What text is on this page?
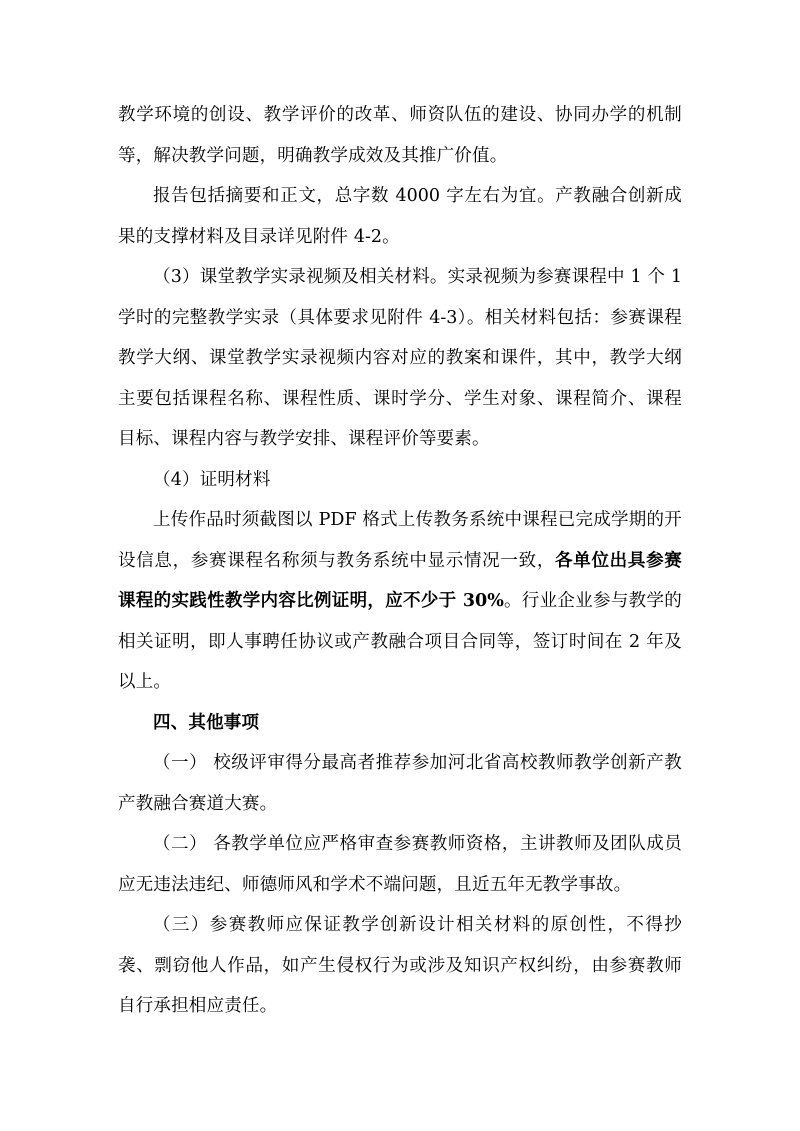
教学环境的创设、教学评价的改革、师资队伍的建设、协同办学的机制等，解决教学问题，明确教学成效及其推广价值。

报告包括摘要和正文，总字数 4000 字左右为宜。产教融合创新成果的支撑材料及目录详见附件 4-2。

（3）课堂教学实录视频及相关材料。实录视频为参赛课程中 1 个 1 学时的完整教学实录（具体要求见附件 4-3）。相关材料包括：参赛课程教学大纲、课堂教学实录视频内容对应的教案和课件，其中，教学大纲主要包括课程名称、课程性质、课时学分、学生对象、课程简介、课程目标、课程内容与教学安排、课程评价等要素。

（4）证明材料

上传作品时须截图以 PDF 格式上传教务系统中课程已完成学期的开设信息，参赛课程名称须与教务系统中显示情况一致，各单位出具参赛课程的实践性教学内容比例证明，应不少于 30%。行业企业参与教学的相关证明，即人事聘任协议或产教融合项目合同等，签订时间在 2 年及以上。

四、其他事项

（一） 校级评审得分最高者推荐参加河北省高校教师教学创新产教产教融合赛道大赛。

（二） 各教学单位应严格审查参赛教师资格，主讲教师及团队成员应无违法违纪、师德师风和学术不端问题，且近五年无教学事故。

（三）参赛教师应保证教学创新设计相关材料的原创性，不得抄袭、剽窃他人作品，如产生侵权行为或涉及知识产权纠纷，由参赛教师自行承担相应责任。
